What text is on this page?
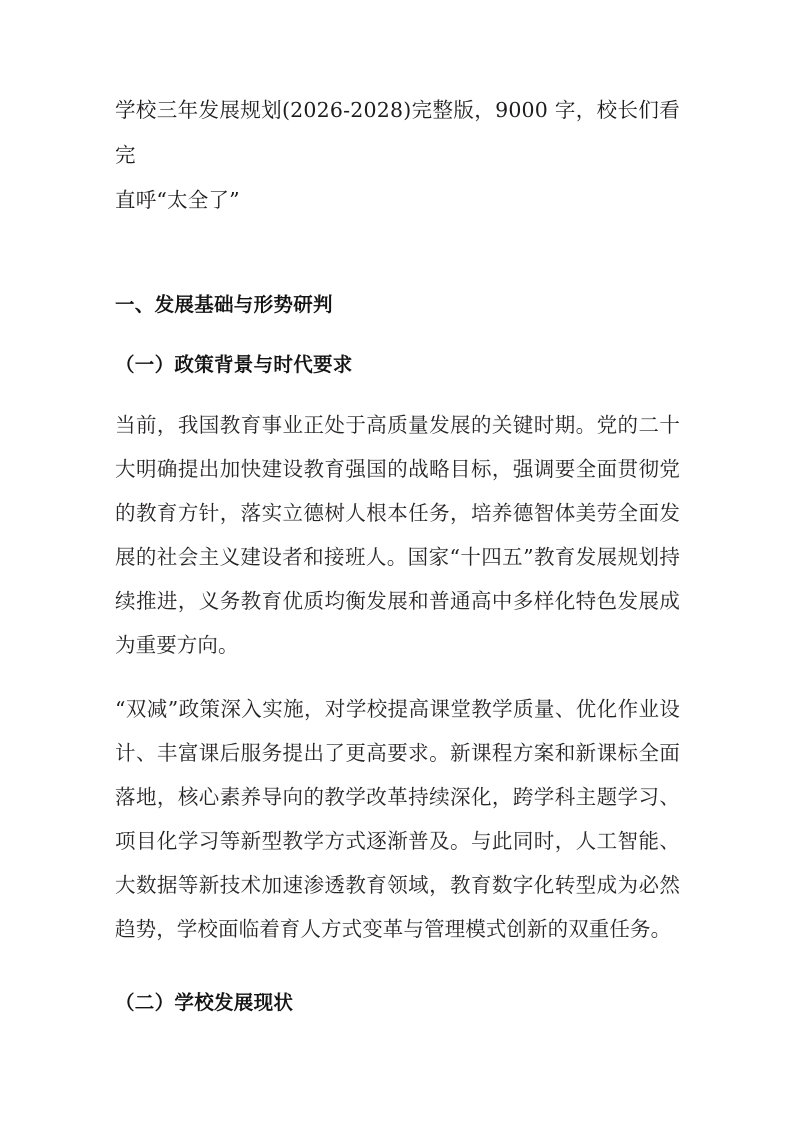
学校三年发展规划(2026-2028)完整版，9000 字，校长们看完
直呼“太全了”
一、发展基础与形势研判
（一）政策背景与时代要求

当前，我国教育事业正处于高质量发展的关键时期。党的二十大明确提出加快建设教育强国的战略目标，强调要全面贯彻党的教育方针，落实立德树人根本任务，培养德智体美劳全面发展的社会主义建设者和接班人。国家“十四五”教育发展规划持续推进，义务教育优质均衡发展和普通高中多样化特色发展成为重要方向。

“双减”政策深入实施，对学校提高课堂教学质量、优化作业设计、丰富课后服务提出了更高要求。新课程方案和新课标全面落地，核心素养导向的教学改革持续深化，跨学科主题学习、项目化学习等新型教学方式逐渐普及。与此同时，人工智能、大数据等新技术加速渗透教育领域，教育数字化转型成为必然趋势，学校面临着育人方式变革与管理模式创新的双重任务。

（二）学校发展现状
